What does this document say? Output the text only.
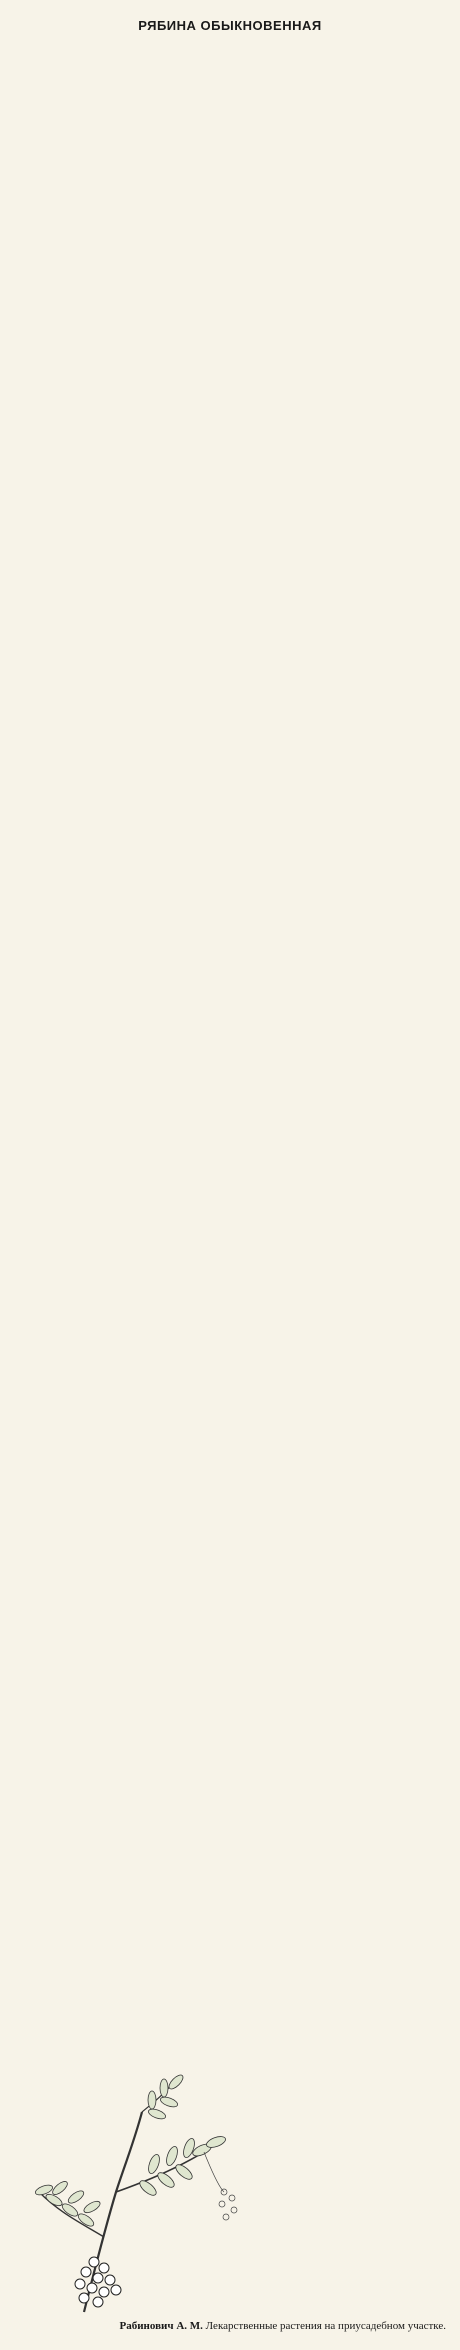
РЯБИНА ОБЫКНОВЕННАЯ
Рабинович А. М. Лекарственные растения на приусадебном участке.
